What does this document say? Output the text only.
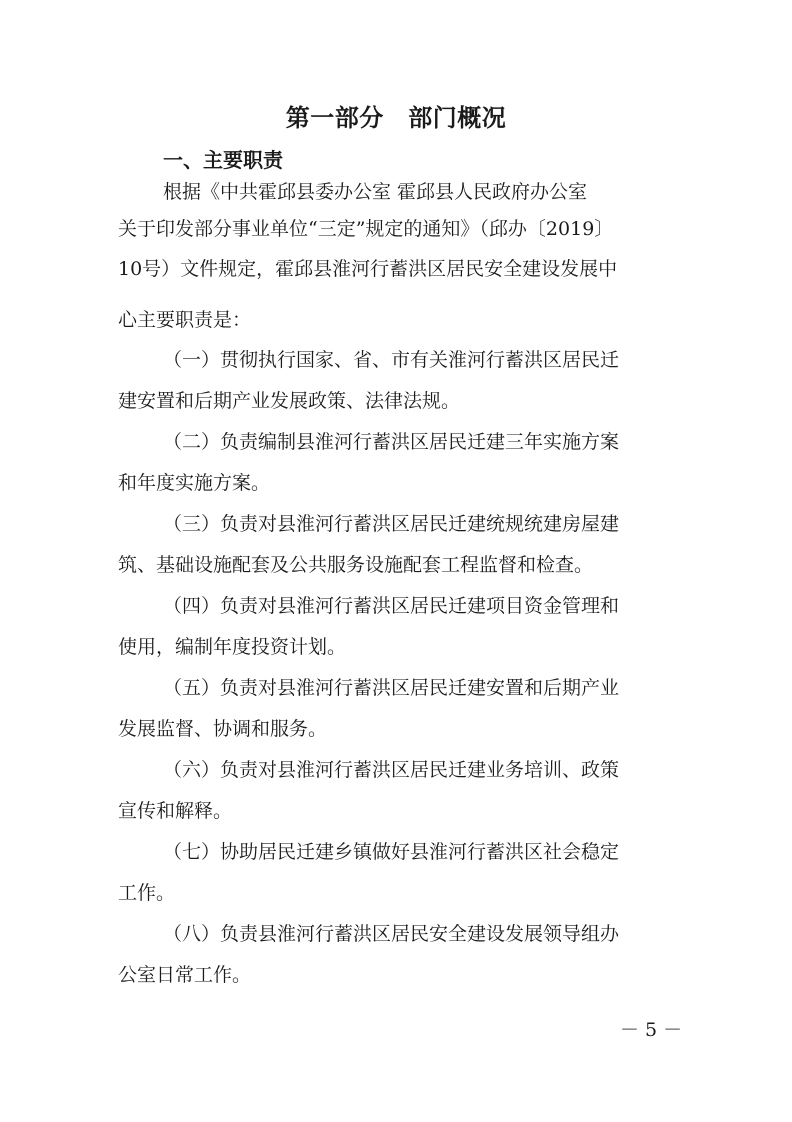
第一部分　部门概况
一、主要职责
根据《中共霍邱县委办公室 霍邱县人民政府办公室
关于印发部分事业单位“三定”规定的通知》（邱办〔2019〕
10号）文件规定，霍邱县淮河行蓄洪区居民安全建设发展中
心主要职责是：
（一）贯彻执行国家、省、市有关淮河行蓄洪区居民迁
建安置和后期产业发展政策、法律法规。
（二）负责编制县淮河行蓄洪区居民迁建三年实施方案
和年度实施方案。
（三）负责对县淮河行蓄洪区居民迁建统规统建房屋建
筑、基础设施配套及公共服务设施配套工程监督和检查。
（四）负责对县淮河行蓄洪区居民迁建项目资金管理和
使用，编制年度投资计划。
（五）负责对县淮河行蓄洪区居民迁建安置和后期产业
发展监督、协调和服务。
（六）负责对县淮河行蓄洪区居民迁建业务培训、政策
宣传和解释。
（七）协助居民迁建乡镇做好县淮河行蓄洪区社会稳定
工作。
（八）负责县淮河行蓄洪区居民安全建设发展领导组办
公室日常工作。
－ 5 －
